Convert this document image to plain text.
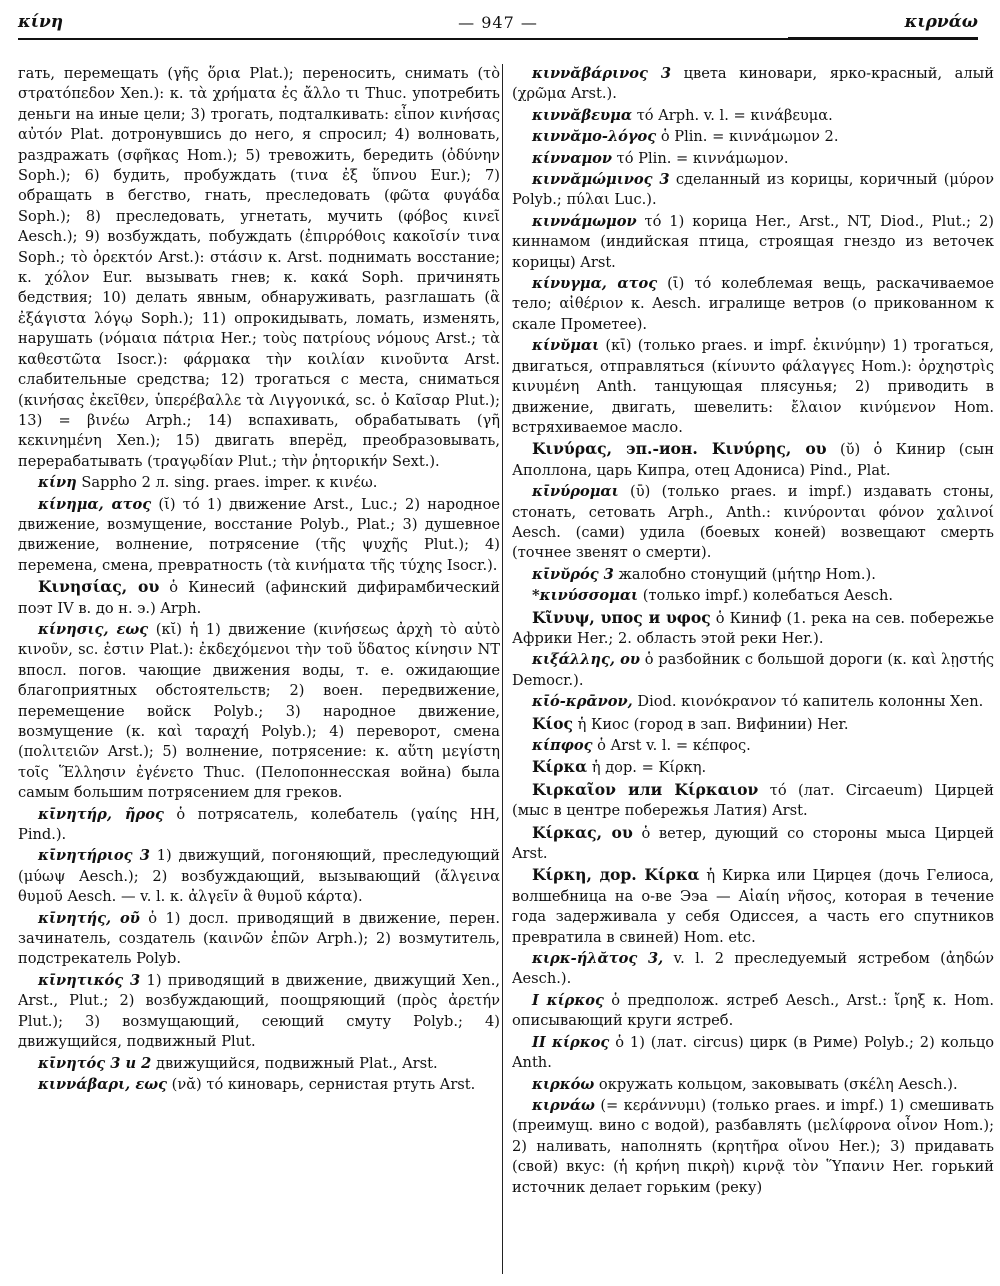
κίνη	— 947 —	κιρνάω

гать, перемещать (γῆς ὅρια Plat.); переносить, снимать (τὸ στρατόπεδον Xen.): κ. τὰ χρήματα ἐς ἄλλο τι Thuc. употребить деньги на иные цели; 3) трогать, подталкивать: εἶπον κινήσας αὐτόν Plat. дотронувшись до него, я спросил; 4) волновать, раздражать (σφῆκας Hom.); 5) тревожить, бередить (ὀδύνην Soph.); 6) будить, пробуждать (τινα ἐξ ὕπνου Eur.); 7) обращать в бегство, гнать, преследовать (φῶτα φυγάδα Soph.); 8) преследовать, угнетать, мучить (φόβος κινεῖ Aesch.); 9) возбуждать, побуждать (ἐπιρρόθοις κακοῖσίν τινα Soph.; τὸ ὀρεκτόν Arst.): στάσιν κ. Arst. поднимать восстание; κ. χόλον Eur. вызывать гнев; κ. κακά Soph. причинять бедствия; 10) делать явным, обнаруживать, разглашать (ἃ ἐξάγιστα λόγῳ Soph.); 11) опрокидывать, ломать, изменять, нарушать (νόμαια πάτρια Her.; τοὺς πατρίους νόμους Arst.; τὰ καθεστῶτα Isocr.): φάρμακα τὴν κοιλίαν κινοῦντα Arst. слабительные средства; 12) трогаться с места, сниматься (κινήσας ἐκεῖθεν, ὑπερέβαλλε τὰ Λιγγονικά, sc. ὁ Καῖσαρ Plut.); 13) = βινέω Arph.; 14) вспахивать, обрабатывать (γῆ κεκινημένη Xen.); 15) двигать вперёд, преобразовывать, перерабатывать (τραγῳδίαν Plut.; τὴν ῥητορικήν Sext.).

κίνη Sappho 2 л. sing. praes. imper. к κινέω.

κίνημα, ατος (ῐ) τό 1) движение Arst., Luc.; 2) народное движение, возмущение, восстание Polyb., Plat.; 3) душевное движение, волнение, потрясение (τῆς ψυχῆς Plut.); 4) перемена, смена, превратность (τὰ κινήματα τῆς τύχης Isocr.).

Κινησίας, ου ὁ Кинесий (афинский дифирамбический поэт IV в. до н. э.) Arph.

κίνησις, εως (κῐ) ἡ 1) движение (κινήσεως ἀρχὴ τὸ αὐτὸ κινοῦν, sc. ἐστιν Plat.): ἐκδεχόμενοι τὴν τοῦ ὕδατος κίνησιν NT впосл. погов. чающие движения воды, т. е. ожидающие благоприятных обстоятельств; 2) воен. передвижение, перемещение войск Polyb.; 3) народное движение, возмущение (κ. καὶ ταραχή Polyb.); 4) переворот, смена (πολιτειῶν Arst.); 5) волнение, потрясение: κ. αὕτη μεγίστη τοῖς Ἕλλησιν ἐγένετο Thuc. (Пелопоннесская война) была самым большим потрясением для греков.

κῑνητήρ, ῆρος ὁ потрясатель, колебатель (γαίης HH, Pind.).

κῑνητήριος 3 1) движущий, погоняющий, преследующий (μύωψ Aesch.); 2) возбуждающий, вызывающий (ἄλγεινα θυμοῦ Aesch. — v. l. κ. ἀλγεῖν ἃ θυμοῦ κάρτα).

κῑνητής, οῦ ὁ 1) досл. приводящий в движение, перен. зачинатель, создатель (καινῶν ἐπῶν Arph.); 2) возмутитель, подстрекатель Polyb.

κῑνητικός 3 1) приводящий в движение, движущий Xen., Arst., Plut.; 2) возбуждающий, поощряющий (πρὸς ἀρετήν Plut.); 3) возмущающий, сеющий смуту Polyb.; 4) движущийся, подвижный Plut.

κῑνητός 3 и 2 движущийся, подвижный Plat., Arst.

κιννάβαρι, εως (νᾰ) τό киноварь, сернистая ртуть Arst.

κιννᾰβάρινος 3 цвета киновари, ярко-красный, алый (χρῶμα Arst.).

κιννᾰβευμα τό Arph. v. l. = κινάβευμα.

κιννᾰμο-λόγος ὁ Plin. = κιννάμωμον 2.

κίνναμον τό Plin. = κιννάμωμον.

κιννᾰμώμινος 3 сделанный из корицы, коричный (μύρον Polyb.; πύλαι Luc.).

κιννάμωμον τό 1) корица Her., Arst., NT, Diod., Plut.; 2) киннамом (индийская птица, строящая гнездо из веточек корицы) Arst.

κίνυγμα, ατος (ῑ) τό колеблемая вещь, раскачиваемое тело; αἰθέριον κ. Aesch. игралище ветров (о прикованном к скале Прометее).

κίνῠμαι (κῑ) (только praes. и impf. ἐκινύμην) 1) трогаться, двигаться, отправляться (κίνυντο φάλαγγες Hom.): ὀρχηστρὶς κινυμένη Anth. танцующая плясунья; 2) приводить в движение, двигать, шевелить: ἔλαιον κινύμενον Hom. встряхиваемое масло.

Κινύρας, эп.-ион. Κινύρης, ου (ῠ) ὁ Кинир (сын Аполлона, царь Кипра, отец Адониса) Pind., Plat.

κῑνύρομαι (ῡ) (только praes. и impf.) издавать стоны, стонать, сетовать Arph., Anth.: κινύρονται φόνον χαλινοί Aesch. (сами) удила (боевых коней) возвещают смерть (точнее звенят о смерти).

κῑνῠρός 3 жалобно стонущий (μήτηρ Hom.).

*κινύσσομαι (только impf.) колебаться Aesch.

Κῖνυψ, υπος и υφος ὁ Киниф (1. река на сев. побережье Африки Her.; 2. область этой реки Her.).

κιξάλλης, ου ὁ разбойник с большой дороги (κ. καὶ λῃστής Democr.).

κῑό-κρᾱνον, Diod. κιονόκρανον τό капитель колонны Xen.

Κίος ἡ Киос (город в зап. Вифинии) Her.

κίπφος ὁ Arst v. l. = κέπφος.

Κίρκα ἡ дор. = Κίρκη.

Κιρκαῖον или Κίρκαιον τό (лат. Circaeum) Цирцей (мыс в центре побережья Латия) Arst.

Κίρκας, ου ὁ ветер, дующий со стороны мыса Цирцей Arst.

Κίρκη, дор. Κίρκα ἡ Кирка или Цирцея (дочь Гелиоса, волшебница на о-ве Ээа — Αἰαίη νῆσος, которая в течение года задерживала у себя Одиссея, а часть его спутников превратила в свиней) Hom. etc.

κιρκ-ήλᾰτος 3, v. l. 2 преследуемый ястребом (ἀηδών Aesch.).

I κίρκος ὁ предполож. ястреб Aesch., Arst.: ἴρηξ κ. Hom. описывающий круги ястреб.

II κίρκος ὁ 1) (лат. circus) цирк (в Риме) Polyb.; 2) кольцо Anth.

κιρκόω окружать кольцом, заковывать (σκέλη Aesch.).

κιρνάω (= κεράννυμι) (только praes. и impf.) 1) смешивать (преимущ. вино с водой), разбавлять (μελίφρονα οἶνον Hom.); 2) наливать, наполнять (κρητῆρα οἴνου Her.); 3) придавать (свой) вкус: (ἡ κρήνη πικρὴ) κιρνᾷ τὸν Ὕπανιν Her. горький источник делает горьким (реку)
